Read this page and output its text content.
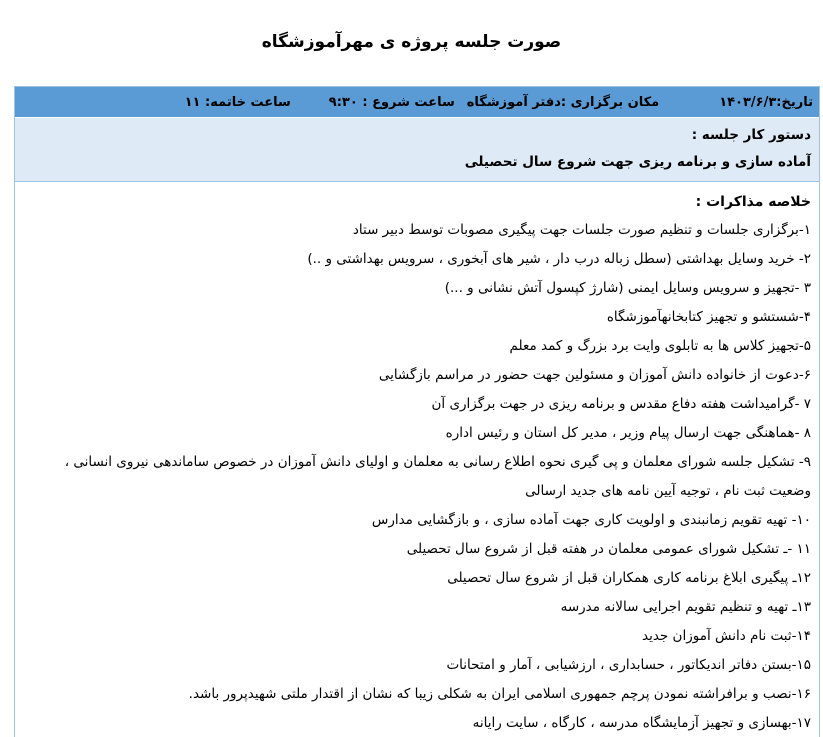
صورت جلسه پروژه ی مهرآموزشگاه
تاریخ:۱۴۰۳/۶/۳
مکان برگزاری :دفتر آموزشگاه
ساعت شروع : ۹:۳۰
ساعت خاتمه: ۱۱
دستور کار جلسه :
آماده سازی و برنامه ریزی جهت شروع سال تحصیلی
خلاصه مذاکرات :
۱-برگزاری جلسات و تنظیم صورت جلسات جهت پیگیری مصوبات توسط دبیر ستاد
۲- خرید وسایل بهداشتی (سطل زباله درب دار ، شیر های آبخوری ، سرویس بهداشتی و ..)
۳ -تجهیز و سرویس وسایل ایمنی (شارژ کپسول آتش نشانی و ...)
۴-شستشو و تجهیز کتابخانهآموزشگاه
۵-تجهیز کلاس ها به تابلوی وایت برد بزرگ و کمد معلم
۶-دعوت از خانواده دانش آموزان و مسئولین جهت حضور در مراسم بازگشایی
۷ -گرامیداشت هفته دفاع مقدس و برنامه ریزی در جهت برگزاری آن
۸ -هماهنگی جهت ارسال پیام وزیر ، مدیر کل استان و رئیس اداره
۹- تشکیل جلسه شورای معلمان و پی گیری نحوه اطلاع رسانی به معلمان و اولیای دانش آموزان در خصوص ساماندهی نیروی انسانی ، وضعیت ثبت نام ، توجیه آیین نامه های جدید ارسالی
۱۰- تهیه تقویم زمانبندی و اولویت کاری جهت آماده سازی ، و بازگشایی مدارس
۱۱ -ـ تشکیل شورای عمومی معلمان در هفته قبل از شروع سال تحصیلی
۱۲ـ پیگیری ابلاغ برنامه کاری همکاران قبل از شروع سال تحصیلی
۱۳ـ تهیه و تنظیم تقویم اجرایی سالانه مدرسه
۱۴-ثبت نام دانش آموزان جدید
۱۵-بستن دفاتر اندیکاتور ، حسابداری ، ارزشیابی ، آمار و امتحانات
۱۶-نصب و برافراشته نمودن پرچم جمهوری اسلامی ایران به شکلی زیبا که نشان از اقتدار ملتی شهیدپرور باشد.
۱۷-بهسازی و تجهیز آزمایشگاه مدرسه ، کارگاه ، سایت رایانه
